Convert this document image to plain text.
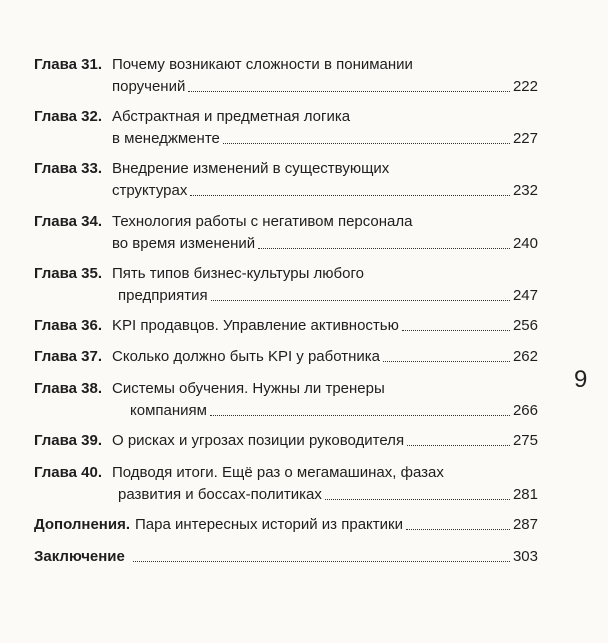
Глава 31. Почему возникают сложности в понимании
поручений	222
Глава 32. Абстрактная и предметная логика
в менеджменте	227
Глава 33. Внедрение изменений в существующих
структурах	232
Глава 34. Технология работы с негативом персонала
во время изменений	240
Глава 35. Пять типов бизнес-культуры любого
предприятия	247
Глава 36. KPI продавцов. Управление активностью	256
Глава 37. Сколько должно быть KPI у работника	262
Глава 38. Системы обучения. Нужны ли тренеры
компаниям	266
Глава 39. О рисках и угрозах позиции руководителя	275
Глава 40. Подводя итоги. Ещё раз о мегамашинах, фазах
развития и боссах-политиках	281
Дополнения. Пара интересных историй из практики	287
Заключение	303
9
